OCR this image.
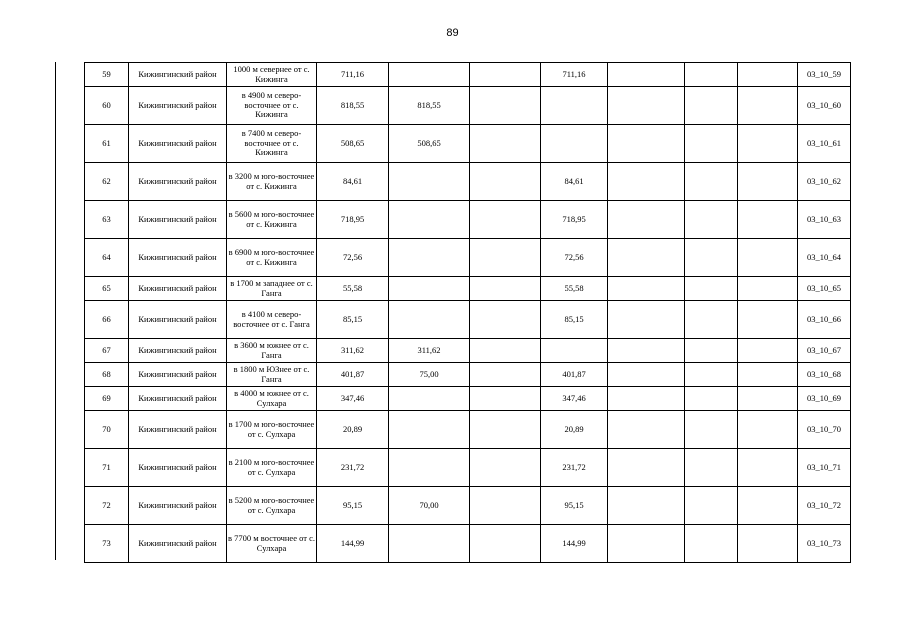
89
59	Кижингинский район	1000 м севернее от с. Кижинга	711,16			711,16				03_10_59
60	Кижингинский район	в 4900 м северо-восточнее от с. Кижинга	818,55	818,55						03_10_60
61	Кижингинский район	в 7400 м северо-восточнее от с. Кижинга	508,65	508,65						03_10_61
62	Кижингинский район	в 3200 м юго-восточнее от с. Кижинга	84,61			84,61				03_10_62
63	Кижингинский район	в 5600 м юго-восточнее от с. Кижинга	718,95			718,95				03_10_63
64	Кижингинский район	в 6900 м юго-восточнее от с. Кижинга	72,56			72,56				03_10_64
65	Кижингинский район	в 1700 м западнее от с. Ганга	55,58			55,58				03_10_65
66	Кижингинский район	в 4100 м северо-восточнее от с. Ганга	85,15			85,15				03_10_66
67	Кижингинский район	в 3600 м южнее от с. Ганга	311,62	311,62						03_10_67
68	Кижингинский район	в 1800 м ЮЗнее от с. Ганга	401,87	75,00		401,87				03_10_68
69	Кижингинский район	в 4000 м южнее от с. Сулхара	347,46			347,46				03_10_69
70	Кижингинский район	в 1700 м юго-восточнее от с. Сулхара	20,89			20,89				03_10_70
71	Кижингинский район	в 2100 м юго-восточнее от с. Сулхара	231,72			231,72				03_10_71
72	Кижингинский район	в 5200 м юго-восточнее от с. Сулхара	95,15	70,00		95,15				03_10_72
73	Кижингинский район	в 7700 м восточнее от с. Сулхара	144,99			144,99				03_10_73
